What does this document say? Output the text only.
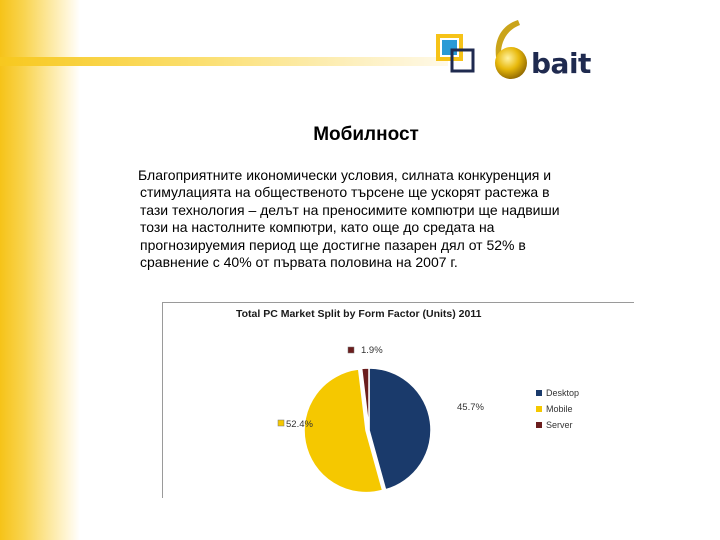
bait
Мобилност

Благоприятните икономически условия, силната конкуренция и
стимулацията на общественото търсене ще ускорят растежа в
тази технология – делът на преносимите компютри ще надвиши
този на настолните компютри, като още до средата на
прогнозируемия период ще достигне пазарен дял от 52% в
сравнение с 40% от първата половина на 2007 г.

Total PC Market Split by Form Factor (Units) 2011
45.7%
52.4%
1.9%
Desktop
Mobile
Server
